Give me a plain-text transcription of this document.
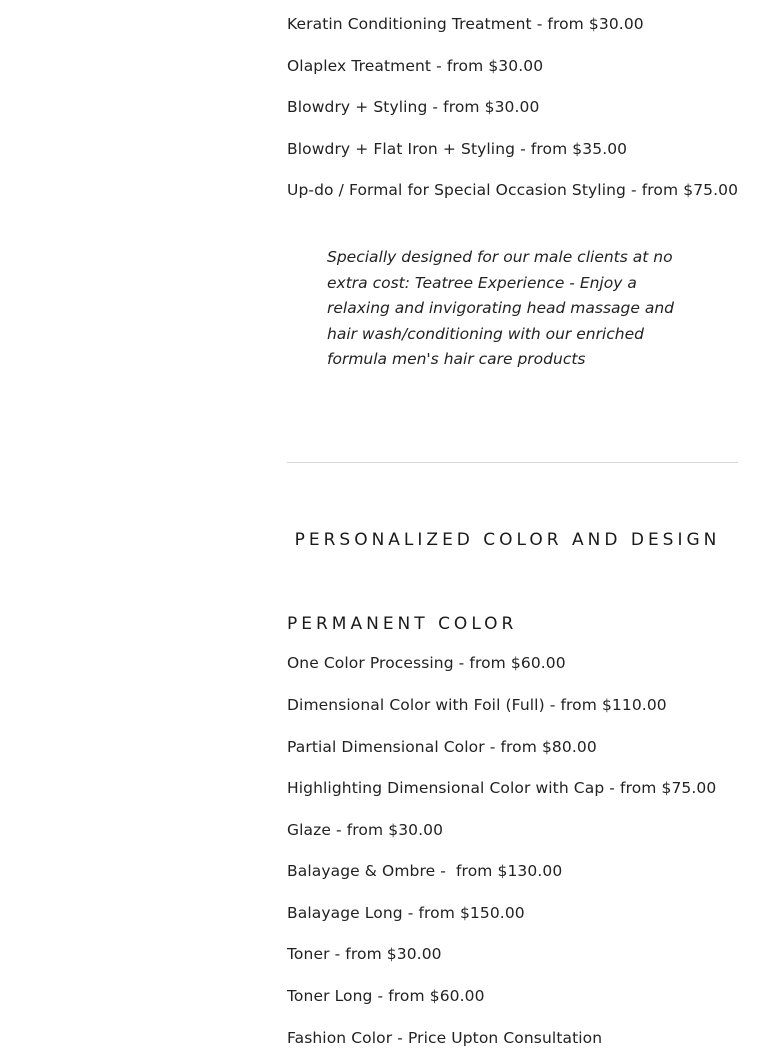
Keratin Conditioning Treatment - from $30.00
Olaplex Treatment - from $30.00
Blowdry + Styling - from $30.00
Blowdry + Flat Iron + Styling - from $35.00
Up-do / Formal for Special Occasion Styling - from $75.00
Specially designed for our male clients at no extra cost: Teatree Experience - Enjoy a relaxing and invigorating head massage and hair wash/conditioning with our enriched formula men's hair care products
PERSONALIZED COLOR AND DESIGN
PERMANENT COLOR
One Color Processing - from $60.00
Dimensional Color with Foil (Full) - from $110.00
Partial Dimensional Color - from $80.00
Highlighting Dimensional Color with Cap - from $75.00
Glaze - from $30.00
Balayage & Ombre -  from $130.00
Balayage Long - from $150.00
Toner - from $30.00
Toner Long - from $60.00
Fashion Color - Price Upton Consultation
